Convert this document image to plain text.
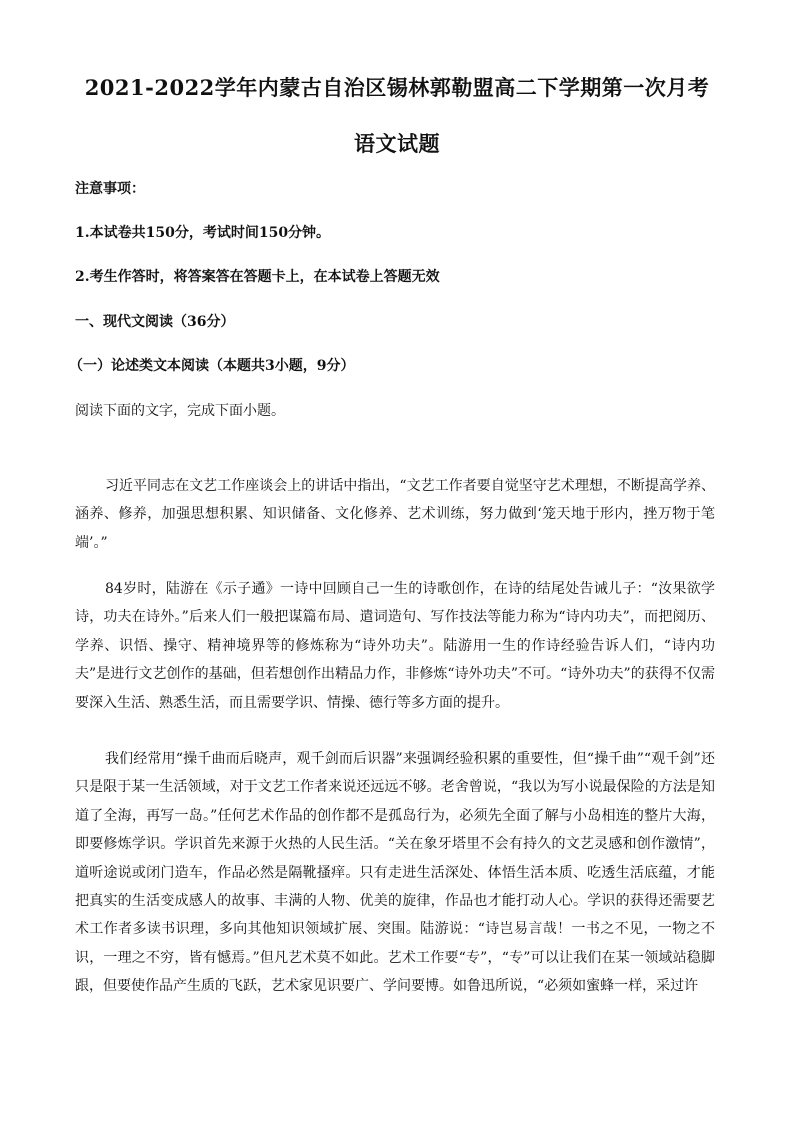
2021-2022学年内蒙古自治区锡林郭勒盟高二下学期第一次月考
语文试题
注意事项：
1.本试卷共150分，考试时间150分钟。
2.考生作答时，将答案答在答题卡上，在本试卷上答题无效
一、现代文阅读（36分）
（一）论述类文本阅读（本题共3小题，9分）
阅读下面的文字，完成下面小题。

习近平同志在文艺工作座谈会上的讲话中指出，“文艺工作者要自觉坚守艺术理想，不断提高学养、涵养、修养，加强思想积累、知识储备、文化修养、艺术训练，努力做到‘笼天地于形内，挫万物于笔端’。”

84岁时，陆游在《示子遹》一诗中回顾自己一生的诗歌创作，在诗的结尾处告诫儿子：“汝果欲学诗，功夫在诗外。”后来人们一般把谋篇布局、遣词造句、写作技法等能力称为“诗内功夫”，而把阅历、学养、识悟、操守、精神境界等的修炼称为“诗外功夫”。陆游用一生的作诗经验告诉人们，“诗内功夫”是进行文艺创作的基础，但若想创作出精品力作，非修炼“诗外功夫”不可。“诗外功夫”的获得不仅需要深入生活、熟悉生活，而且需要学识、情操、德行等多方面的提升。

我们经常用“操千曲而后晓声，观千剑而后识器”来强调经验积累的重要性，但“操千曲”“观千剑”还只是限于某一生活领域，对于文艺工作者来说还远远不够。老舍曾说，“我以为写小说最保险的方法是知道了全海，再写一岛。”任何艺术作品的创作都不是孤岛行为，必须先全面了解与小岛相连的整片大海，即要修炼学识。学识首先来源于火热的人民生活。“关在象牙塔里不会有持久的文艺灵感和创作激情”，道听途说或闭门造车，作品必然是隔靴搔痒。只有走进生活深处、体悟生活本质、吃透生活底蕴，才能把真实的生活变成感人的故事、丰满的人物、优美的旋律，作品也才能打动人心。学识的获得还需要艺术工作者多读书识理，多向其他知识领域扩展、突围。陆游说：“诗岂易言哉！一书之不见，一物之不识，一理之不穷，皆有憾焉。”但凡艺术莫不如此。艺术工作要“专”，“专”可以让我们在某一领域站稳脚跟，但要使作品产生质的飞跃，艺术家见识要广、学问要博。如鲁迅所说，“必须如蜜蜂一样，采过许
